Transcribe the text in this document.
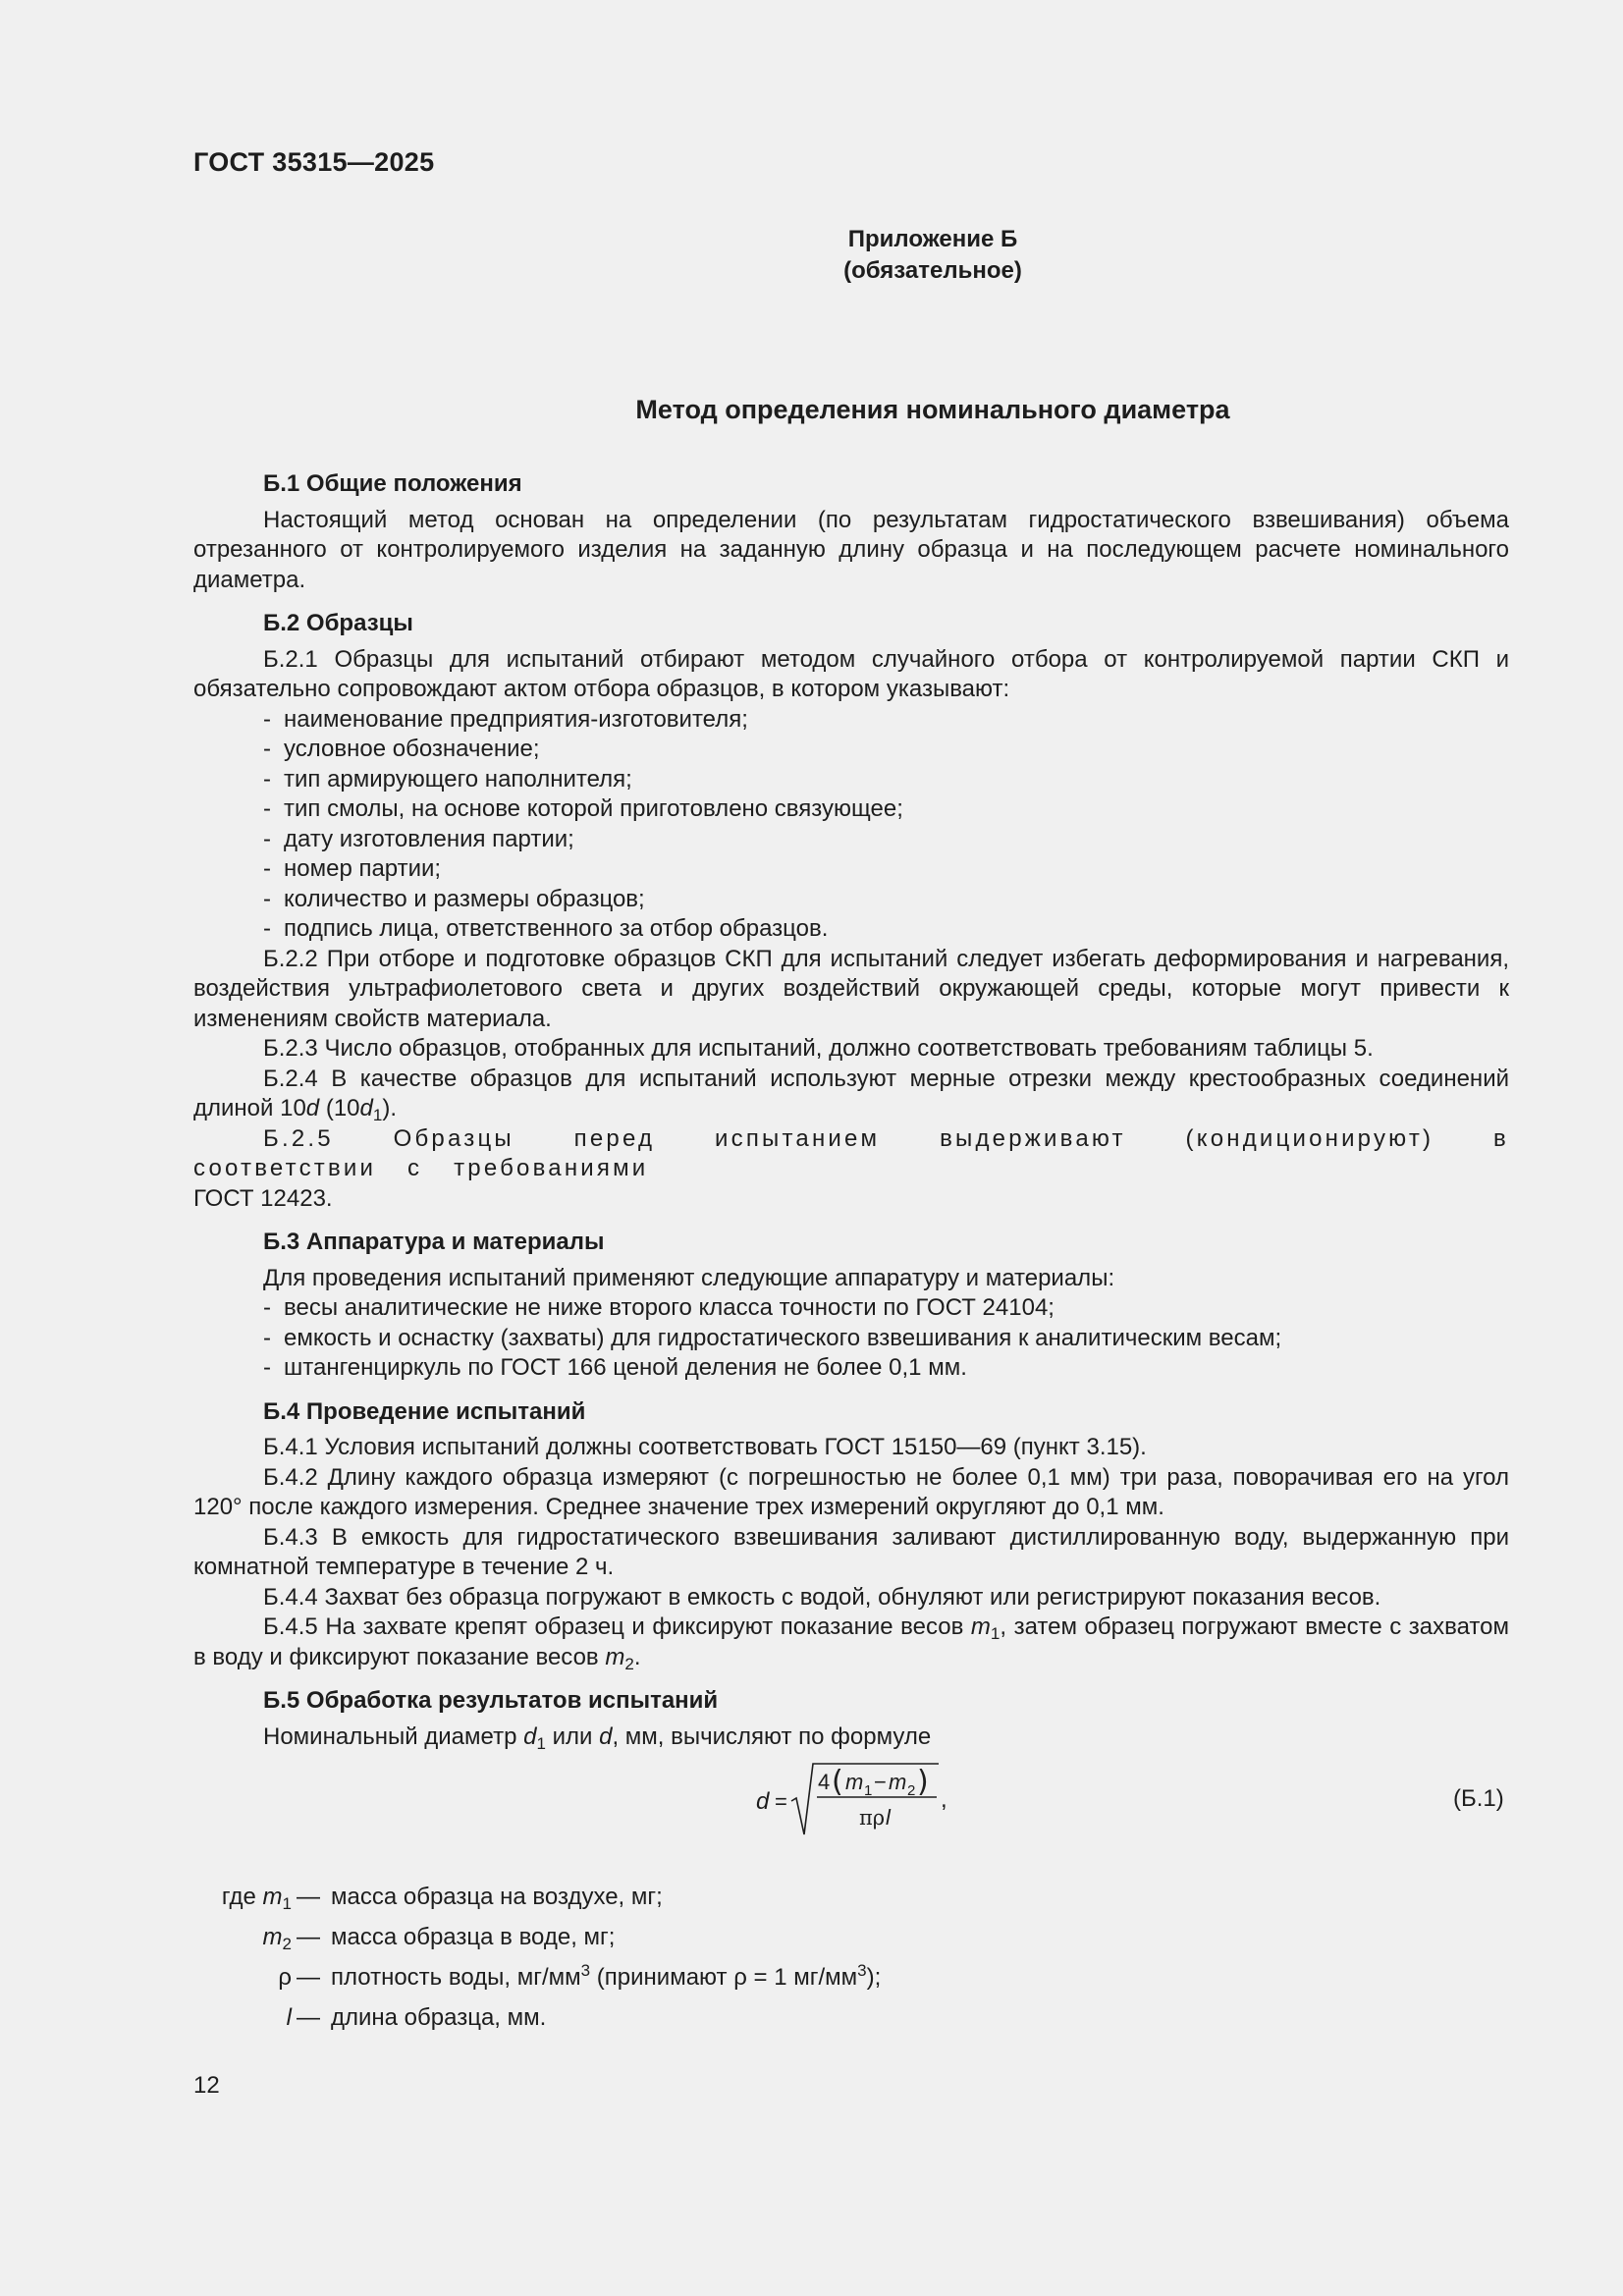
ГОСТ 35315—2025
Приложение Б
(обязательное)
Метод определения номинального диаметра

Б.1 Общие положения

Настоящий метод основан на определении (по результатам гидростатического взвешивания) объема отрезанного от контролируемого изделия на заданную длину образца и на последующем расчете номинального диаметра.

Б.2 Образцы

Б.2.1 Образцы для испытаний отбирают методом случайного отбора от контролируемой партии СКП и обязательно сопровождают актом отбора образцов, в котором указывают:

- наименование предприятия-изготовителя;

- условное обозначение;

- тип армирующего наполнителя;

- тип смолы, на основе которой приготовлено связующее;

- дату изготовления партии;

- номер партии;

- количество и размеры образцов;

- подпись лица, ответственного за отбор образцов.

Б.2.2 При отборе и подготовке образцов СКП для испытаний следует избегать деформирования и нагревания, воздействия ультрафиолетового света и других воздействий окружающей среды, которые могут привести к изменениям свойств материала.

Б.2.3 Число образцов, отобранных для испытаний, должно соответствовать требованиям таблицы 5.

Б.2.4 В качестве образцов для испытаний используют мерные отрезки между крестообразных соединений длиной 10d $(10d_1)$.

Б.2.5 Образцы перед испытанием выдерживают (кондиционируют) в соответствии с требованиями

ГОСТ 12423.

Б.3 Аппаратура и материалы

Для проведения испытаний применяют следующие аппаратуру и материалы:

- весы аналитические не ниже второго класса точности по ГОСТ 24104;

- емкость и оснастку (захваты) для гидростатического взвешивания к аналитическим весам;

- штангенциркуль по ГОСТ 166 ценой деления не более 0,1 мм.

Б.4 Проведение испытаний

Б.4.1 Условия испытаний должны соответствовать ГОСТ 15150—69 (пункт 3.15).

Б.4.2 Длину каждого образца измеряют (с погрешностью не более 0,1 мм) три раза, поворачивая его на угол 120° после каждого измерения. Среднее значение трех измерений округляют до 0,1 мм.

Б.4.3 В емкость для гидростатического взвешивания заливают дистиллированную воду, выдержанную при комнатной температуре в течение 2 ч.

Б.4.4 Захват без образца погружают в емкость с водой, обнуляют или регистрируют показания весов.

Б.4.5 На захвате крепят образец и фиксируют показание весов $m_1$, затем образец погружают вместе с захватом в воду и фиксируют показание весов $m_2$.

Б.5 Обработка результатов испытаний

Номинальный диаметр $d_1$ или d, мм, вычисляют по формуле

d =
4 ( m 1 − m 2 )
πρ l
,	(Б.1)
где $m_1$ — масса образца на воздухе, мг;
$m_2$ — масса образца в воде, мг;
ρ — плотность воды, $мг/мм^3$ (принимают ρ = 1 $мг/мм^3$);
l — длина образца, мм.
12
